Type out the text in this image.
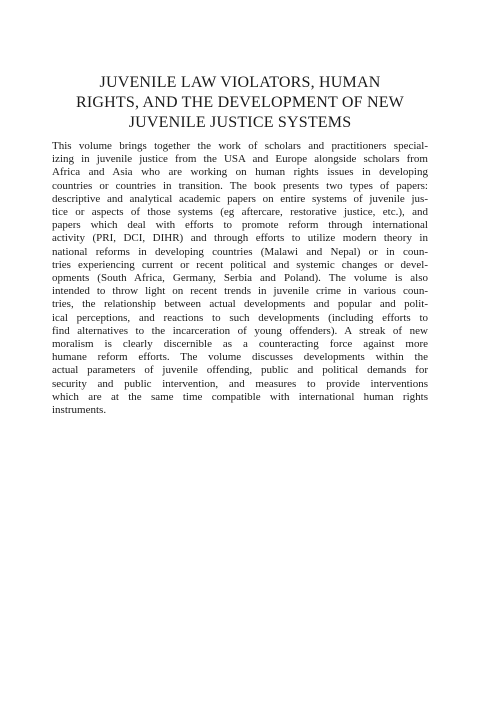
JUVENILE LAW VIOLATORS, HUMAN
RIGHTS, AND THE DEVELOPMENT OF NEW
JUVENILE JUSTICE SYSTEMS
This volume brings together the work of scholars and practitioners special-
izing in juvenile justice from the USA and Europe alongside scholars from
Africa and Asia who are working on human rights issues in developing
countries or countries in transition. The book presents two types of papers:
descriptive and analytical academic papers on entire systems of juvenile jus-
tice or aspects of those systems (eg aftercare, restorative justice, etc.), and
papers which deal with efforts to promote reform through international
activity (PRI, DCI, DIHR) and through efforts to utilize modern theory in
national reforms in developing countries (Malawi and Nepal) or in coun-
tries experiencing current or recent political and systemic changes or devel-
opments (South Africa, Germany, Serbia and Poland). The volume is also
intended to throw light on recent trends in juvenile crime in various coun-
tries, the relationship between actual developments and popular and polit-
ical perceptions, and reactions to such developments (including efforts to
find alternatives to the incarceration of young offenders). A streak of new
moralism is clearly discernible as a counteracting force against more
humane reform efforts. The volume discusses developments within the
actual parameters of juvenile offending, public and political demands for
security and public intervention, and measures to provide interventions
which are at the same time compatible with international human rights
instruments.
